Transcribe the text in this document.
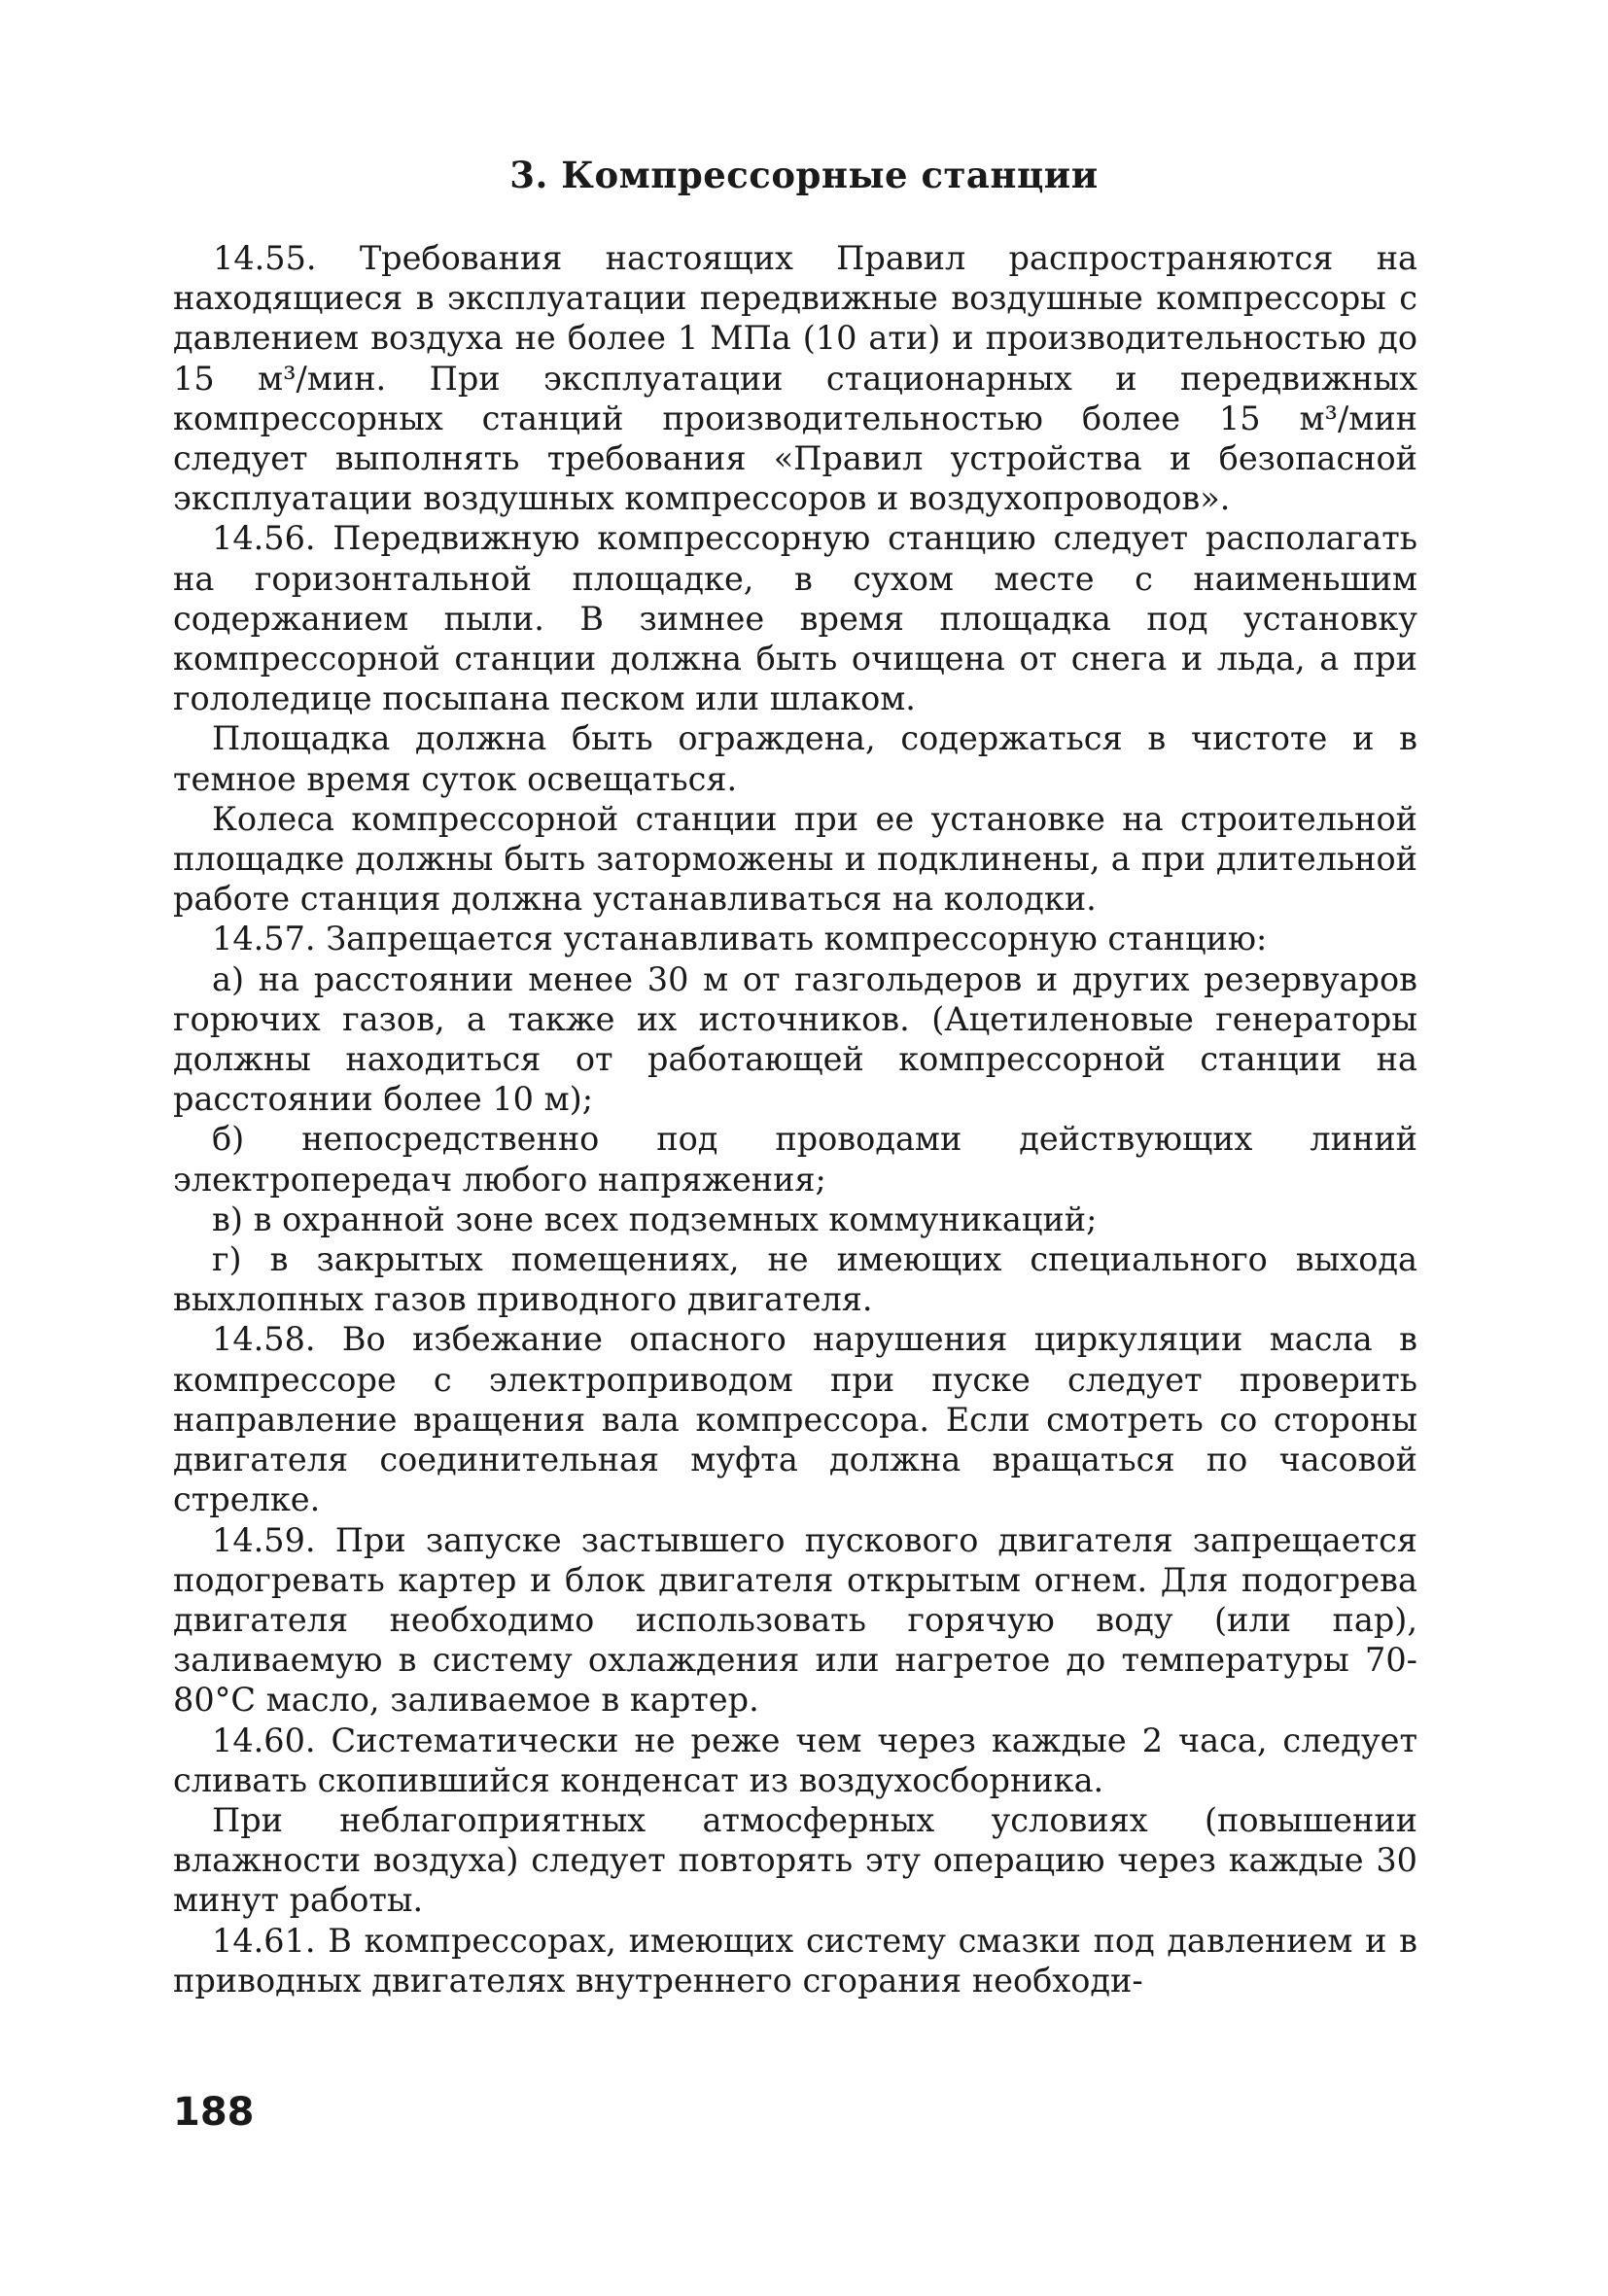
3. Компрессорные станции

14.55. Требования настоящих Правил распространяются на находящиеся в эксплуатации передвижные воздушные компрессоры с давлением воздуха не более 1 МПа (10 ати) и производительностью до 15 м³/мин. При эксплуатации стационарных и передвижных компрессорных станций производительностью более 15 м³/мин следует выполнять требования «Правил устройства и безопасной эксплуатации воздушных компрессоров и воздухопроводов».

14.56. Передвижную компрессорную станцию следует располагать на горизонтальной площадке, в сухом месте с наименьшим содержанием пыли. В зимнее время площадка под установку компрессорной станции должна быть очищена от снега и льда, а при гололедице посыпана песком или шлаком.

Площадка должна быть ограждена, содержаться в чистоте и в темное время суток освещаться.

Колеса компрессорной станции при ее установке на строительной площадке должны быть заторможены и подклинены, а при длительной работе станция должна устанавливаться на колодки.

14.57. Запрещается устанавливать компрессорную станцию:

а) на расстоянии менее 30 м от газгольдеров и других резервуаров горючих газов, а также их источников. (Ацетиленовые генераторы должны находиться от работающей компрессорной станции на расстоянии более 10 м);

б) непосредственно под проводами действующих линий электропередач любого напряжения;

в) в охранной зоне всех подземных коммуникаций;

г) в закрытых помещениях, не имеющих специального выхода выхлопных газов приводного двигателя.

14.58. Во избежание опасного нарушения циркуляции масла в компрессоре с электроприводом при пуске следует проверить направление вращения вала компрессора. Если смотреть со стороны двигателя соединительная муфта должна вращаться по часовой стрелке.

14.59. При запуске застывшего пускового двигателя запрещается подогревать картер и блок двигателя открытым огнем. Для подогрева двигателя необходимо использовать горячую воду (или пар), заливаемую в систему охлаждения или нагретое до температуры 70-80°С масло, заливаемое в картер.

14.60. Систематически не реже чем через каждые 2 часа, следует сливать скопившийся конденсат из воздухосборника.

При неблагоприятных атмосферных условиях (повышении влажности воздуха) следует повторять эту операцию через каждые 30 минут работы.

14.61. В компрессорах, имеющих систему смазки под давлением и в приводных двигателях внутреннего сгорания необходи-

188
